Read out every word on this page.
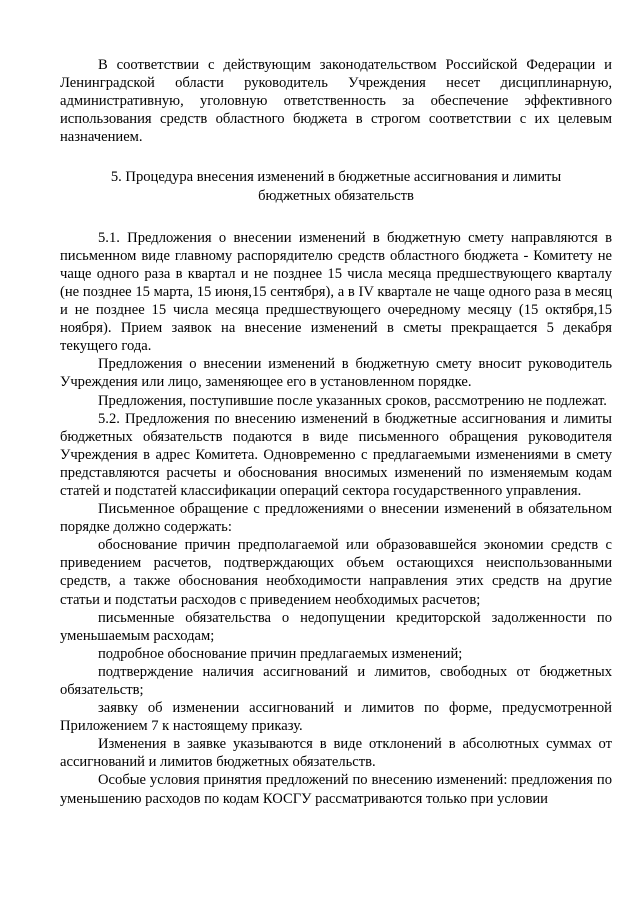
В соответствии с действующим законодательством Российской Федерации и Ленинградской области руководитель Учреждения несет дисциплинарную, административную, уголовную ответственность за обеспечение эффективного использования средств областного бюджета в строгом соответствии с их целевым назначением.

5. Процедура внесения изменений в бюджетные ассигнования и лимиты бюджетных обязательств

5.1. Предложения о внесении изменений в бюджетную смету направляются в письменном виде главному распорядителю средств областного бюджета - Комитету не чаще одного раза в квартал и не позднее 15 числа месяца предшествующего кварталу (не позднее 15 марта, 15 июня,15 сентября), а в IV квартале не чаще одного раза в месяц и не позднее 15 числа месяца предшествующего очередному месяцу (15 октября,15 ноября). Прием заявок на внесение изменений в сметы прекращается 5 декабря текущего года.

Предложения о внесении изменений в бюджетную смету вносит руководитель Учреждения или лицо, заменяющее его в установленном порядке.

Предложения, поступившие после указанных сроков, рассмотрению не подлежат.

5.2. Предложения по внесению изменений в бюджетные ассигнования и лимиты бюджетных обязательств подаются в виде письменного обращения руководителя Учреждения в адрес Комитета. Одновременно с предлагаемыми изменениями в смету представляются расчеты и обоснования вносимых изменений по изменяемым кодам статей и подстатей классификации операций сектора государственного управления.

Письменное обращение с предложениями о внесении изменений в обязательном порядке должно содержать:

обоснование причин предполагаемой или образовавшейся экономии средств с приведением расчетов, подтверждающих объем остающихся неиспользованными средств, а также обоснования необходимости направления этих средств на другие статьи и подстатьи расходов с приведением необходимых расчетов;

письменные обязательства о недопущении кредиторской задолженности по уменьшаемым расходам;

подробное обоснование причин предлагаемых изменений;

подтверждение наличия ассигнований и лимитов, свободных от бюджетных обязательств;

заявку об изменении ассигнований и лимитов по форме, предусмотренной Приложением 7 к настоящему приказу.

Изменения в заявке указываются в виде отклонений в абсолютных суммах от ассигнований и лимитов бюджетных обязательств.

Особые условия принятия предложений по внесению изменений: предложения по уменьшению расходов по кодам КОСГУ рассматриваются только при условии
